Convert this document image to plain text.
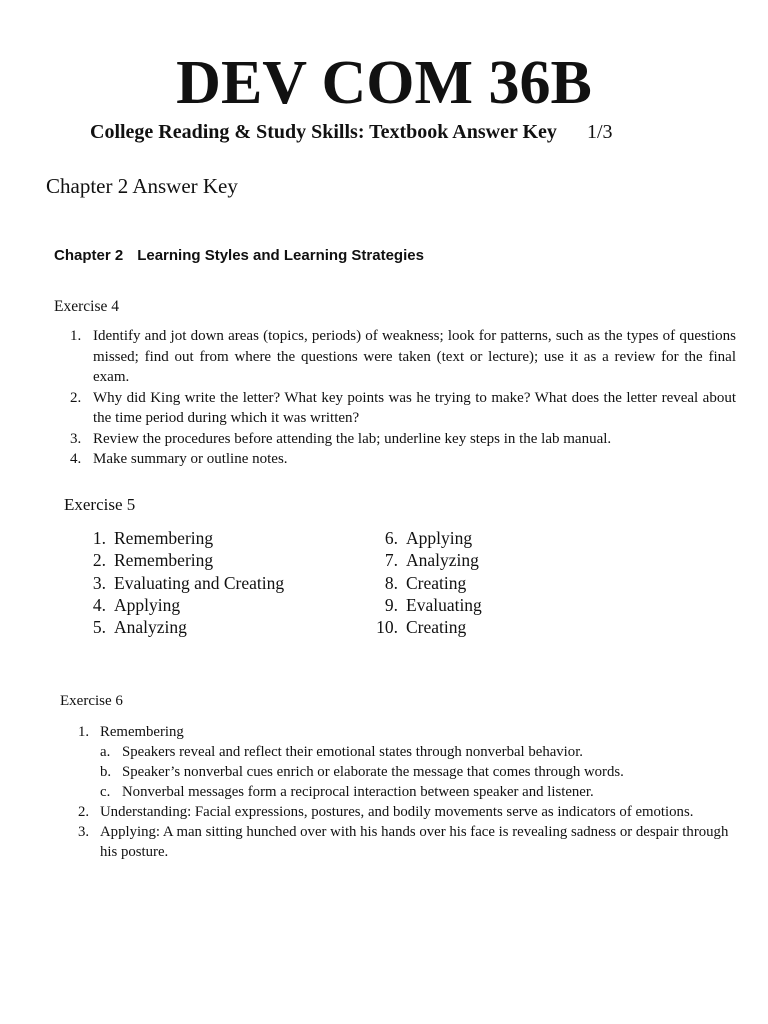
DEV COM 36B
College Reading & Study Skills: Textbook Answer Key 1/3
Chapter 2 Answer Key
Chapter 2 Learning Styles and Learning Strategies
Exercise 4
1. Identify and jot down areas (topics, periods) of weakness; look for patterns, such as the types of questions missed; find out from where the questions were taken (text or lecture); use it as a review for the final exam.
2. Why did King write the letter? What key points was he trying to make? What does the letter reveal about the time period during which it was written?
3. Review the procedures before attending the lab; underline key steps in the lab manual.
4. Make summary or outline notes.
Exercise 5
1. Remembering
2. Remembering
3. Evaluating and Creating
4. Applying
5. Analyzing
6. Applying
7. Analyzing
8. Creating
9. Evaluating
10. Creating
Exercise 6
1. Remembering
a. Speakers reveal and reflect their emotional states through nonverbal behavior.
b. Speaker’s nonverbal cues enrich or elaborate the message that comes through words.
c. Nonverbal messages form a reciprocal interaction between speaker and listener.
2. Understanding: Facial expressions, postures, and bodily movements serve as indicators of emotions.
3. Applying: A man sitting hunched over with his hands over his face is revealing sadness or despair through his posture.
